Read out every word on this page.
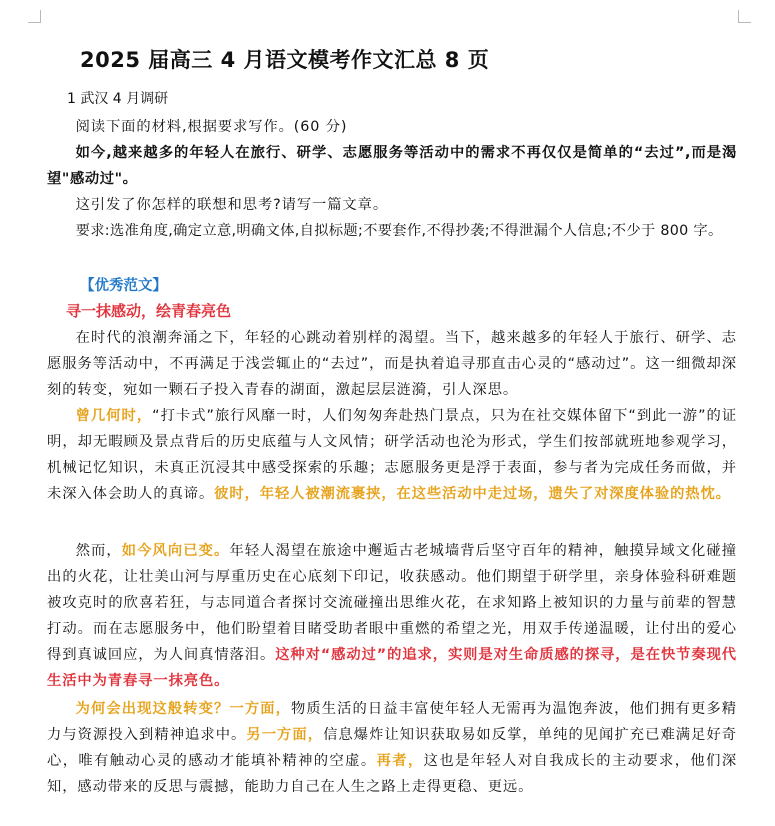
2025 届高三 4 月语文模考作文汇总 8 页
1 武汉 4 月调研

阅读下面的材料,根据要求写作。(60 分)

如今,越来越多的年轻人在旅行、研学、志愿服务等活动中的需求不再仅仅是简单的“去过”,而是渴望"感动过"。

这引发了你怎样的联想和思考?请写一篇文章。

要求:选准角度,确定立意,明确文体,自拟标题;不要套作,不得抄袭;不得泄漏个人信息;不少于 800 字。

【优秀范文】
寻一抹感动，绘青春亮色

在时代的浪潮奔涌之下，年轻的心跳动着别样的渴望。当下，越来越多的年轻人于旅行、研学、志愿服务等活动中，不再满足于浅尝辄止的“去过”，而是执着追寻那直击心灵的“感动过”。这一细微却深刻的转变，宛如一颗石子投入青春的湖面，激起层层涟漪，引人深思。

曾几何时，“打卡式”旅行风靡一时，人们匆匆奔赴热门景点，只为在社交媒体留下“到此一游”的证明，却无暇顾及景点背后的历史底蕴与人文风情；研学活动也沦为形式，学生们按部就班地参观学习，机械记忆知识，未真正沉浸其中感受探索的乐趣；志愿服务更是浮于表面，参与者为完成任务而做，并未深入体会助人的真谛。彼时，年轻人被潮流裹挟，在这些活动中走过场，遗失了对深度体验的热忱。

然而，如今风向已变。年轻人渴望在旅途中邂逅古老城墙背后坚守百年的精神，触摸异域文化碰撞出的火花，让壮美山河与厚重历史在心底刻下印记，收获感动。他们期望于研学里，亲身体验科研难题被攻克时的欣喜若狂，与志同道合者探讨交流碰撞出思维火花，在求知路上被知识的力量与前辈的智慧打动。而在志愿服务中，他们盼望着目睹受助者眼中重燃的希望之光，用双手传递温暖，让付出的爱心得到真诚回应，为人间真情落泪。这种对“感动过”的追求，实则是对生命质感的探寻，是在快节奏现代生活中为青春寻一抹亮色。

为何会出现这般转变？一方面，物质生活的日益丰富使年轻人无需再为温饱奔波，他们拥有更多精力与资源投入到精神追求中。另一方面，信息爆炸让知识获取易如反掌，单纯的见闻扩充已难满足好奇心，唯有触动心灵的感动才能填补精神的空虚。再者，这也是年轻人对自我成长的主动要求，他们深知，感动带来的反思与震撼，能助力自己在人生之路上走得更稳、更远。
